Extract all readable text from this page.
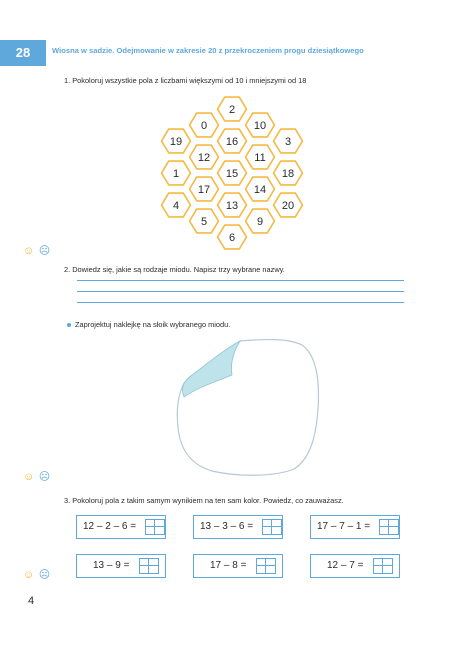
28	Wiosna w sadzie. Odejmowanie w zakresie 20 z przekroczeniem progu dziesiątkowego
1. Pokoloruj wszystkie pola z liczbami większymi od 10 i mniejszymi od 18
2
0	10
19	16	3
12	11
1	15	18
17	14
4	13	20
5	9
6
☺ ☹
2. Dowiedz się, jakie są rodzaje miodu. Napisz trzy wybrane nazwy.
Zaprojektuj naklejkę na słoik wybranego miodu.
☺ ☹
3. Pokoloruj pola z takim samym wynikiem na ten sam kolor. Powiedz, co zauważasz.
12 – 2 – 6 =	13 – 3 – 6 =	17 – 7 – 1 =
13 – 9 =	17 – 8 =	12 – 7 =
☺ ☹
4
